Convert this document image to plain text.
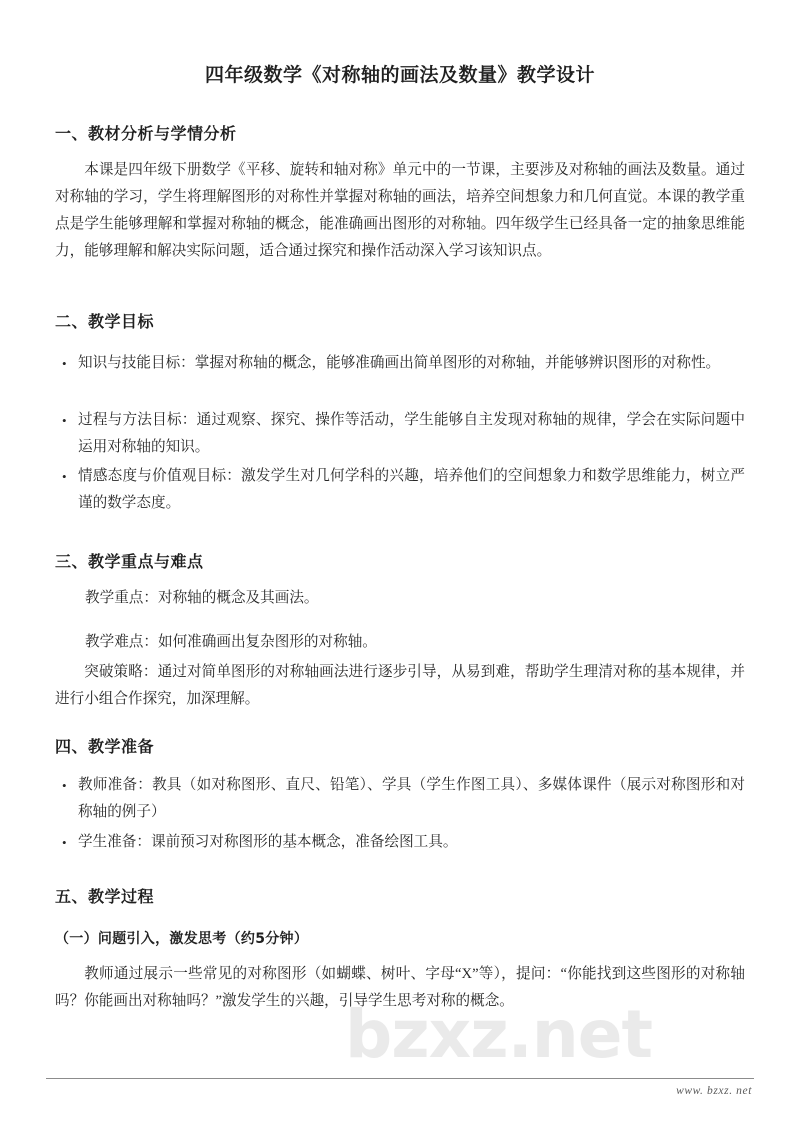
bzxz.net
四年级数学《对称轴的画法及数量》教学设计
一、教材分析与学情分析
本课是四年级下册数学《平移、旋转和轴对称》单元中的一节课，主要涉及对称轴的画法及数量。通过对称轴的学习，学生将理解图形的对称性并掌握对称轴的画法，培养空间想象力和几何直觉。本课的教学重点是学生能够理解和掌握对称轴的概念，能准确画出图形的对称轴。四年级学生已经具备一定的抽象思维能力，能够理解和解决实际问题，适合通过探究和操作活动深入学习该知识点。
二、教学目标
• 知识与技能目标：掌握对称轴的概念，能够准确画出简单图形的对称轴，并能够辨识图形的对称性。
• 过程与方法目标：通过观察、探究、操作等活动，学生能够自主发现对称轴的规律，学会在实际问题中运用对称轴的知识。
• 情感态度与价值观目标：激发学生对几何学科的兴趣，培养他们的空间想象力和数学思维能力，树立严谨的数学态度。
三、教学重点与难点
教学重点：对称轴的概念及其画法。
教学难点：如何准确画出复杂图形的对称轴。
突破策略：通过对简单图形的对称轴画法进行逐步引导，从易到难，帮助学生理清对称的基本规律，并进行小组合作探究，加深理解。
四、教学准备
• 教师准备：教具（如对称图形、直尺、铅笔）、学具（学生作图工具）、多媒体课件（展示对称图形和对称轴的例子）
• 学生准备：课前预习对称图形的基本概念，准备绘图工具。
五、教学过程
（一）问题引入，激发思考（约5分钟）
教师通过展示一些常见的对称图形（如蝴蝶、树叶、字母“X”等），提问：“你能找到这些图形的对称轴吗？你能画出对称轴吗？”激发学生的兴趣，引导学生思考对称的概念。
www. bzxz. net
